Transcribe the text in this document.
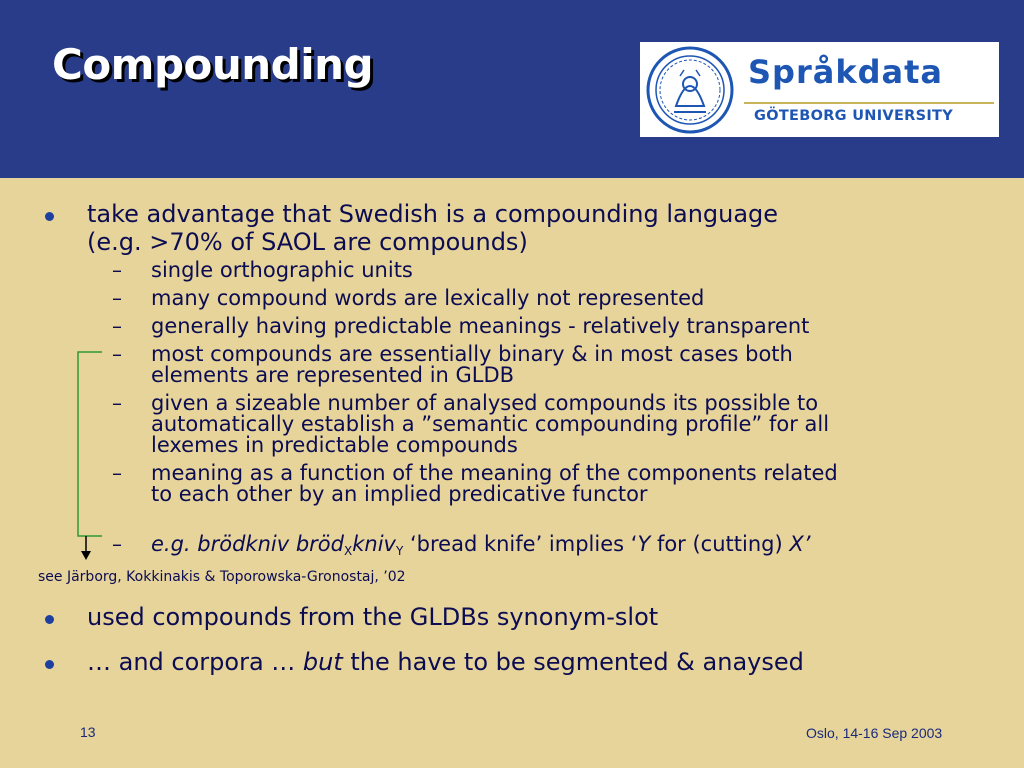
Compounding	Språkdata
GÖTEBORG UNIVERSITY
take advantage that Swedish is a compounding language
(e.g. >70% of SAOL are compounds)
– single orthographic units
– many compound words are lexically not represented
– generally having predictable meanings - relatively transparent
– most compounds are essentially binary & in most cases both
elements are represented in GLDB
– given a sizeable number of analysed compounds its possible to
automatically establish a ”semantic compounding profile” for all
lexemes in predictable compounds
– meaning as a function of the meaning of the components related
to each other by an implied predicative functor
– e.g. brödkniv bröd$_X$kniv$_Y$ ‘bread knife’ implies ‘Y for (cutting) X’
see Järborg, Kokkinakis & Toporowska-Gronostaj, ’02
used compounds from the GLDBs synonym-slot
… and corpora … but the have to be segmented & anaysed
13	Oslo, 14-16 Sep 2003
